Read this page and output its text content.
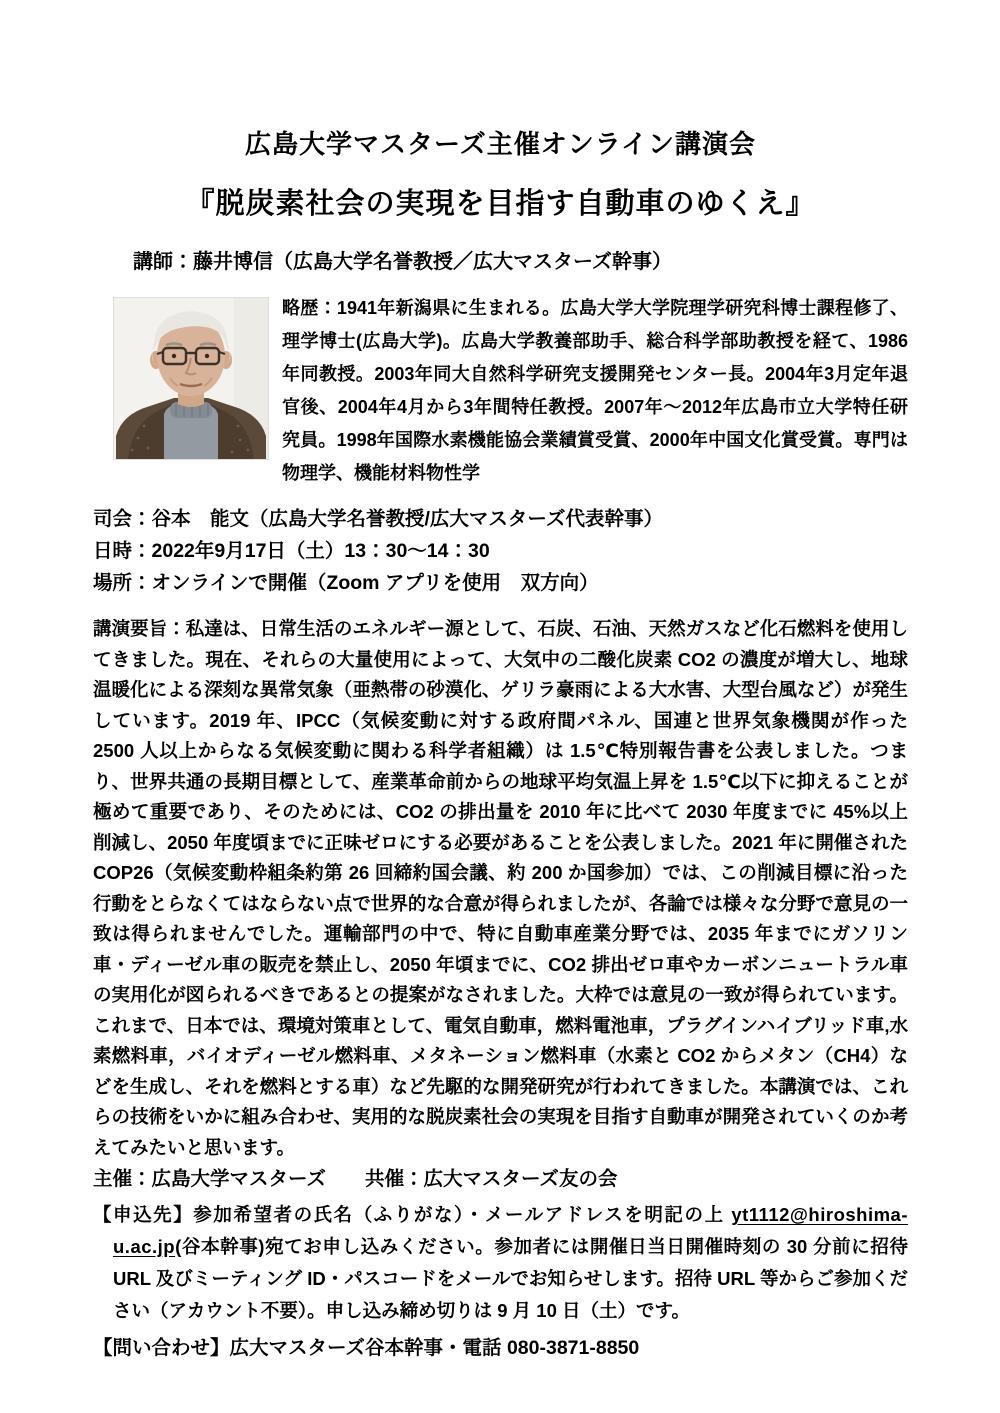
広島大学マスターズ主催オンライン講演会
『脱炭素社会の実現を目指す自動車のゆくえ』
講師：藤井博信（広島大学名誉教授／広大マスターズ幹事）

略歴：1941年新潟県に生まれる。広島大学大学院理学研究科博士課程修了、理学博士(広島大学)。広島大学教養部助手、総合科学部助教授を経て、1986年同教授。2003年同大自然科学研究支援開発センター長。2004年3月定年退官後、2004年4月から3年間特任教授。2007年～2012年広島市立大学特任研究員。1998年国際水素機能協会業績賞受賞、2000年中国文化賞受賞。専門は物理学、機能材料物性学

司会：谷本　能文（広島大学名誉教授/広大マスターズ代表幹事）
日時：2022年9月17日（土）13：30～14：30
場所：オンラインで開催（Zoom アプリを使用　双方向）

講演要旨：私達は、日常生活のエネルギー源として、石炭、石油、天然ガスなど化石燃料を使用してきました。現在、それらの大量使用によって、大気中の二酸化炭素 CO2 の濃度が増大し、地球温暖化による深刻な異常気象（亜熱帯の砂漠化、ゲリラ豪雨による大水害、大型台風など）が発生しています。2019 年、IPCC（気候変動に対する政府間パネル、国連と世界気象機関が作った 2500 人以上からなる気候変動に関わる科学者組織）は 1.5℃特別報告書を公表しました。つまり、世界共通の長期目標として、産業革命前からの地球平均気温上昇を 1.5℃以下に抑えることが極めて重要であり、そのためには、CO2 の排出量を 2010 年に比べて 2030 年度までに 45%以上削減し、2050 年度頃までに正味ゼロにする必要があることを公表しました。2021 年に開催された COP26（気候変動枠組条約第 26 回締約国会議、約 200 か国参加）では、この削減目標に沿った行動をとらなくてはならない点で世界的な合意が得られましたが、各論では様々な分野で意見の一致は得られませんでした。運輸部門の中で、特に自動車産業分野では、2035 年までにガソリン車・ディーゼル車の販売を禁止し、2050 年頃までに、CO2 排出ゼロ車やカーボンニュートラル車の実用化が図られるべきであるとの提案がなされました。大枠では意見の一致が得られています。これまで、日本では、環境対策車として、電気自動車，燃料電池車，プラグインハイブリッド車,水素燃料車，バイオディーゼル燃料車、メタネーション燃料車（水素と CO2 からメタン（CH4）などを生成し、それを燃料とする車）など先駆的な開発研究が行われてきました。本講演では、これらの技術をいかに組み合わせ、実用的な脱炭素社会の実現を目指す自動車が開発されていくのか考えてみたいと思います。

主催：広島大学マスターズ　　共催：広大マスターズ友の会

【申込先】参加希望者の氏名（ふりがな）・メールアドレスを明記の上 yt1112@hiroshima-u.ac.jp(谷本幹事)宛てお申し込みください。参加者には開催日当日開催時刻の 30 分前に招待 URL 及びミーティング ID・パスコードをメールでお知らせします。招待 URL 等からご参加ください（アカウント不要）。申し込み締め切りは 9 月 10 日（土）です。

【問い合わせ】広大マスターズ谷本幹事・電話 080-3871-8850
